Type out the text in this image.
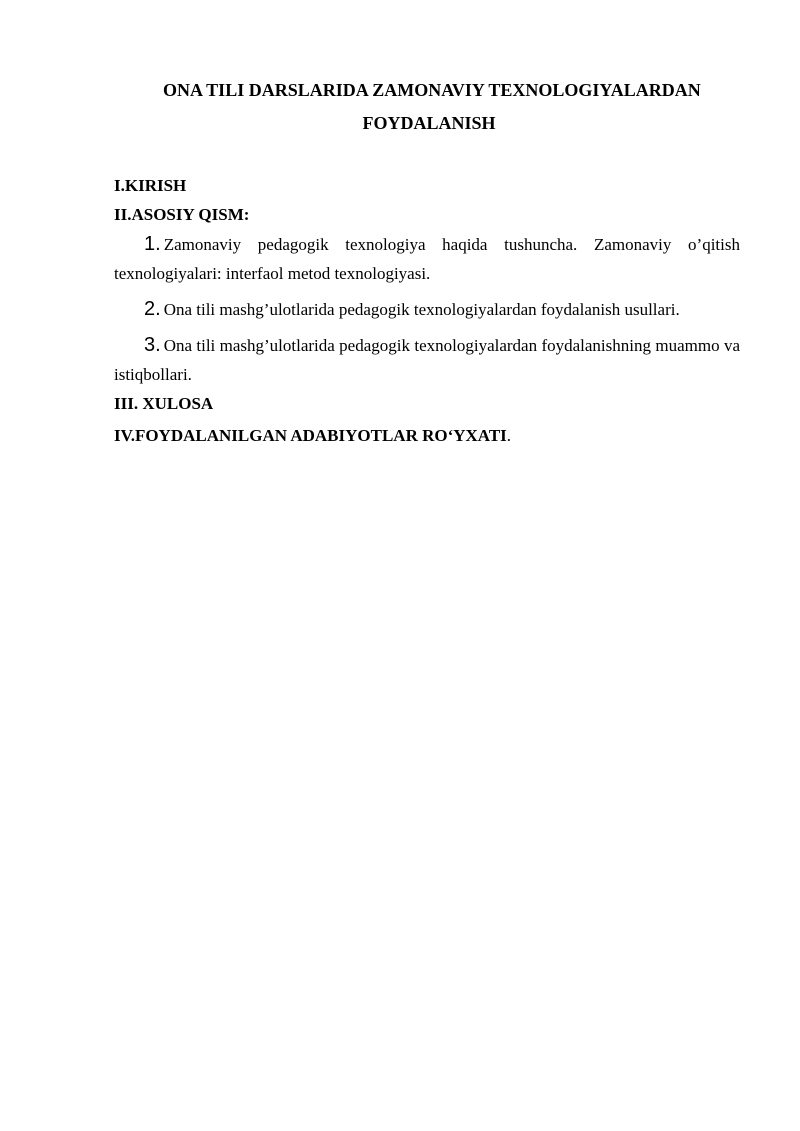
ONA TILI DARSLARIDA ZAMONAVIY TEXNOLOGIYALARDAN
FOYDALANISH

I.KIRISH

II.ASOSIY QISM:

1. Zamonaviy pedagogik texnologiya haqida tushuncha. Zamonaviy o’qitish texnologiyalari: interfaol metod texnologiyasi.

2. Ona tili mashg’ulotlarida pedagogik texnologiyalardan foydalanish usullari.

3. Ona tili mashg’ulotlarida pedagogik texnologiyalardan foydalanishning muammo va istiqbollari.

III. XULOSA

IV.FOYDALANILGAN ADABIYOTLAR RO‘YXATI.
